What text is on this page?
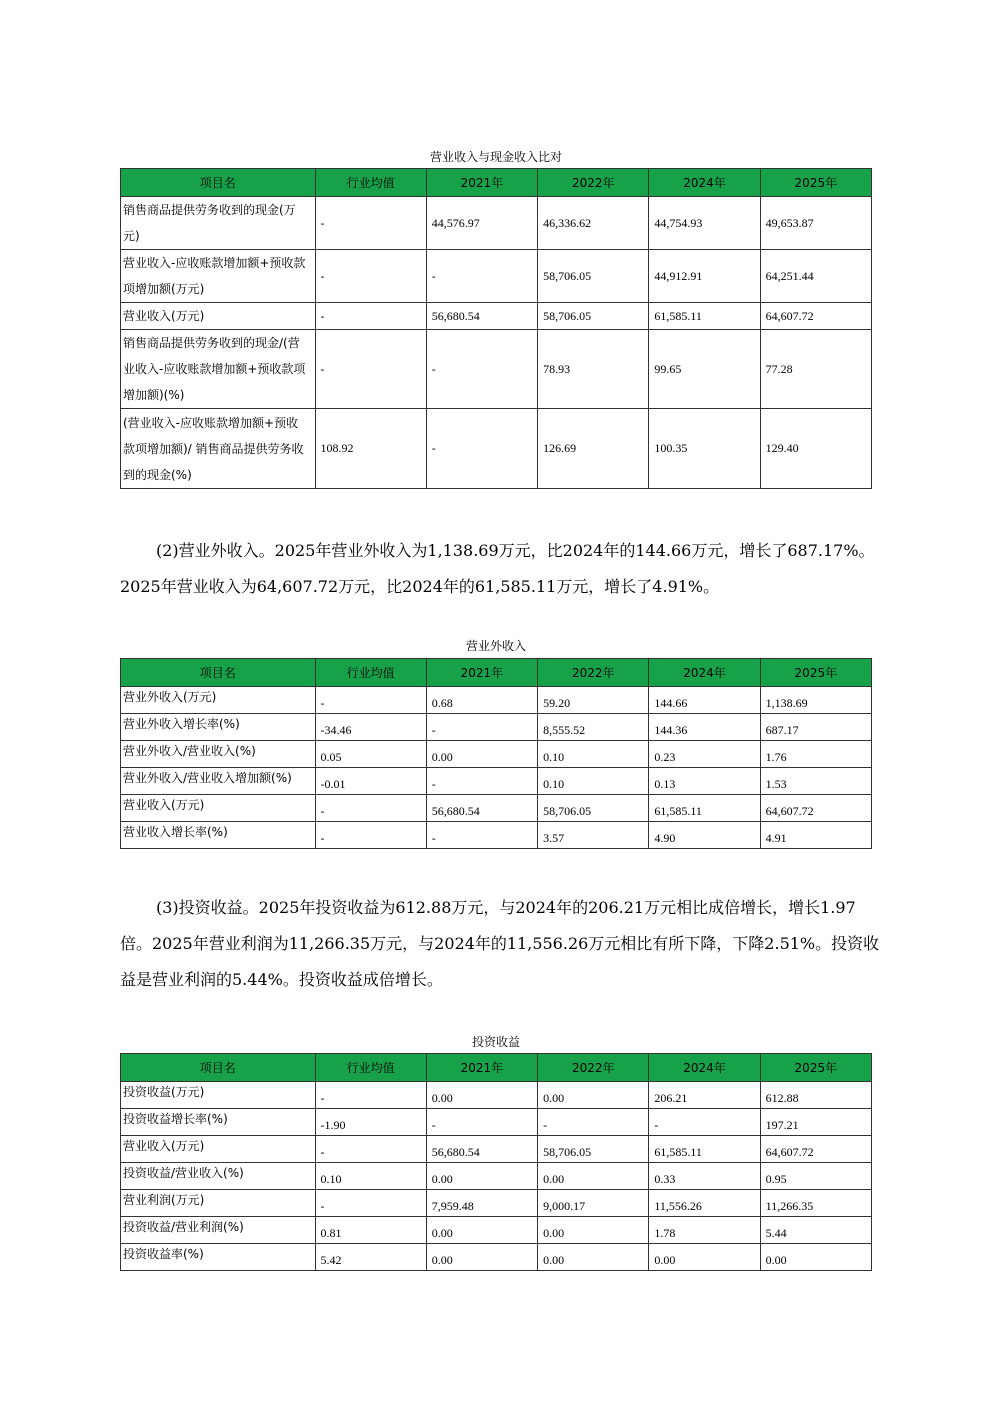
营业收入与现金收入比对
项目名	行业均值	2021年	2022年	2024年	2025年
销售商品提供劳务收到的现金(万元)	-	44,576.97	46,336.62	44,754.93	49,653.87
营业收入-应收账款增加额+预收款项增加额(万元)	-	-	58,706.05	44,912.91	64,251.44
营业收入(万元)	-	56,680.54	58,706.05	61,585.11	64,607.72
销售商品提供劳务收到的现金/(营业收入-应收账款增加额+预收款项增加额)(%)	-	-	78.93	99.65	77.28
(营业收入-应收账款增加额+预收款项增加额)/ 销售商品提供劳务收到的现金(%)	108.92	-	126.69	100.35	129.40

(2)营业外收入。2025年营业外收入为1,138.69万元，比2024年的144.66万元，增长了687.17%。2025年营业收入为64,607.72万元，比2024年的61,585.11万元，增长了4.91%。

营业外收入
项目名	行业均值	2021年	2022年	2024年	2025年
营业外收入(万元)	-	0.68	59.20	144.66	1,138.69
营业外收入增长率(%)	-34.46	-	8,555.52	144.36	687.17
营业外收入/营业收入(%)	0.05	0.00	0.10	0.23	1.76
营业外收入/营业收入增加额(%)	-0.01	-	0.10	0.13	1.53
营业收入(万元)	-	56,680.54	58,706.05	61,585.11	64,607.72
营业收入增长率(%)	-	-	3.57	4.90	4.91

(3)投资收益。2025年投资收益为612.88万元，与2024年的206.21万元相比成倍增长，增长1.97倍。2025年营业利润为11,266.35万元，与2024年的11,556.26万元相比有所下降，下降2.51%。投资收益是营业利润的5.44%。投资收益成倍增长。

投资收益
项目名	行业均值	2021年	2022年	2024年	2025年
投资收益(万元)	-	0.00	0.00	206.21	612.88
投资收益增长率(%)	-1.90	-	-	-	197.21
营业收入(万元)	-	56,680.54	58,706.05	61,585.11	64,607.72
投资收益/营业收入(%)	0.10	0.00	0.00	0.33	0.95
营业利润(万元)	-	7,959.48	9,000.17	11,556.26	11,266.35
投资收益/营业利润(%)	0.81	0.00	0.00	1.78	5.44
投资收益率(%)	5.42	0.00	0.00	0.00	0.00
